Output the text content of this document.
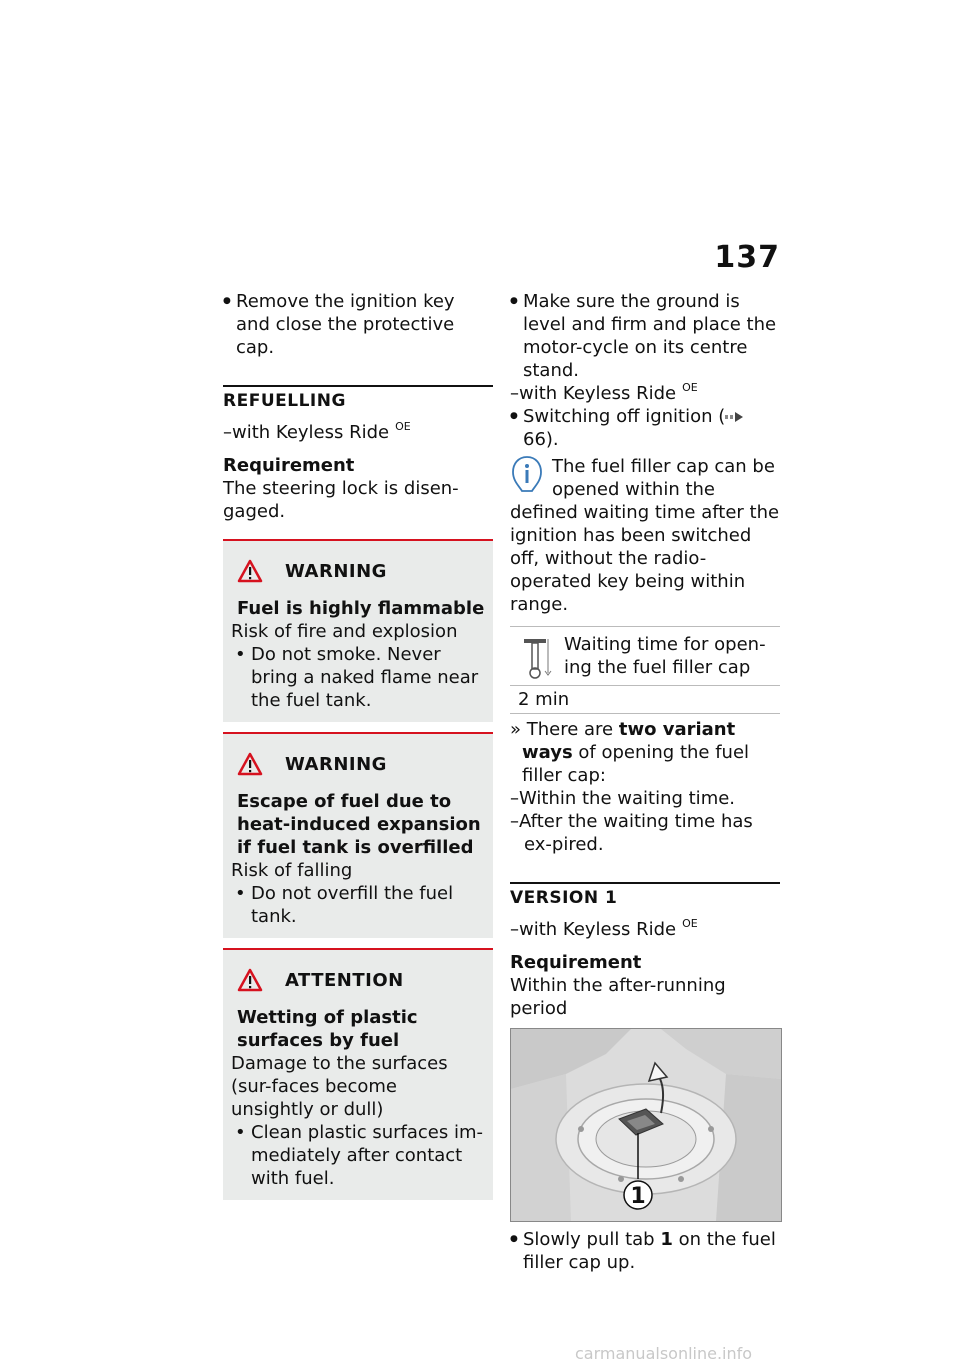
137
● Remove the ignition key and close the protective cap.
REFUELLING
–with Keyless Ride $^{OE}$
Requirement
The steering lock is disen-gaged.
WARNING
Fuel is highly flammable
Risk of fire and explosion
• Do not smoke. Never bring a naked flame near the fuel tank.
WARNING
Escape of fuel due to heat-induced expansion if fuel tank is overfilled
Risk of falling
• Do not overfill the fuel tank.
ATTENTION
Wetting of plastic surfaces by fuel
Damage to the surfaces (sur-faces become unsightly or dull)
• Clean plastic surfaces im-mediately after contact with fuel.
● Make sure the ground is level and firm and place the motor-cycle on its centre stand.
–with Keyless Ride $^{OE}$
● Switching off ignition ( 66).
The fuel filler cap can be opened within the defined waiting time after the ignition has been switched off, without the radio-operated key being within range.
Waiting time for open-ing the fuel filler cap
2 min
» There are two variant ways of opening the fuel filler cap:
–Within the waiting time.
–After the waiting time has ex-pired.
VERSION 1
–with Keyless Ride $^{OE}$
Requirement
Within the after-running period
1
● Slowly pull tab 1 on the fuel filler cap up.
carmanualsonline.info
